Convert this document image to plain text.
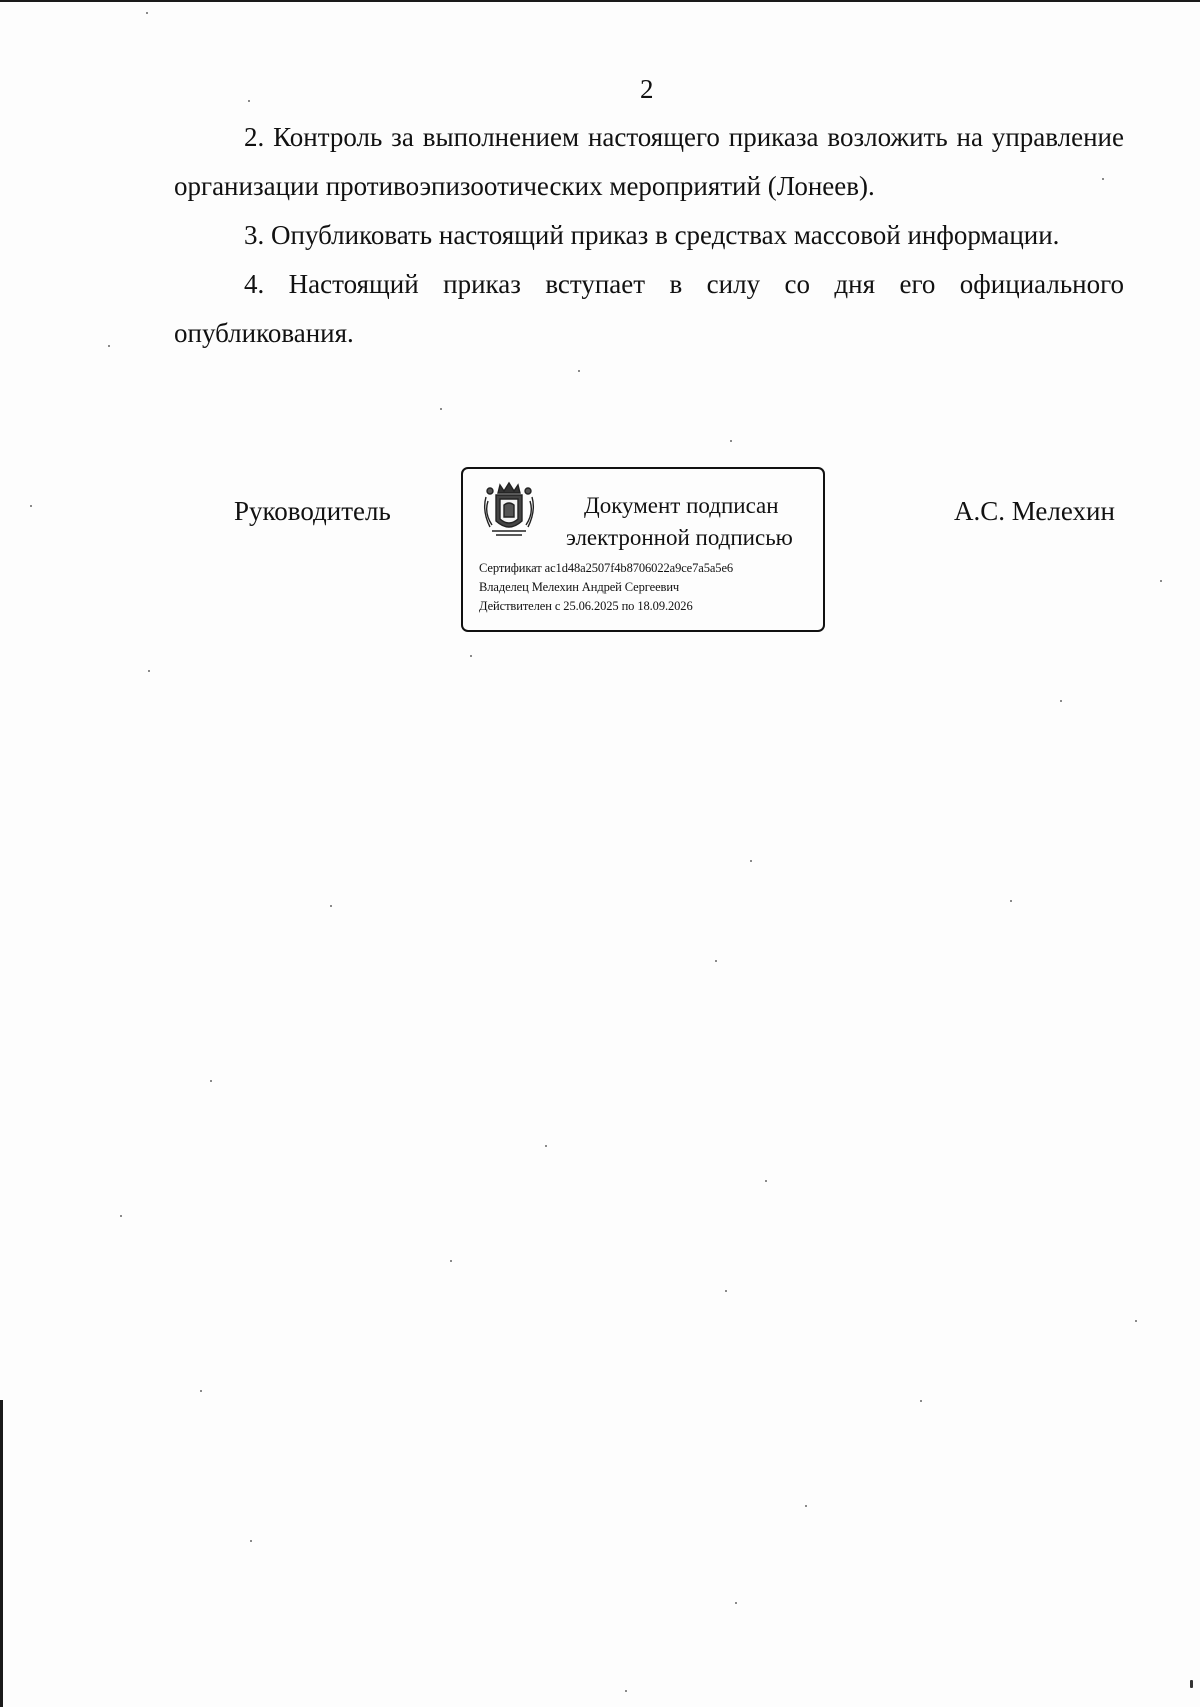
2
2. Контроль за выполнением настоящего приказа возложить на управление организации противоэпизоотических мероприятий (Лонеев).
3. Опубликовать настоящий приказ в средствах массовой информации.
4. Настоящий приказ вступает в силу со дня его официального опубликования.
Руководитель	Документ подписан
электронной подписью
Сертификат ac1d48a2507f4b8706022a9ce7a5a5e6
Владелец Мелехин Андрей Сергеевич
Действителен с 25.06.2025 по 18.09.2026
А.С. Мелехин
